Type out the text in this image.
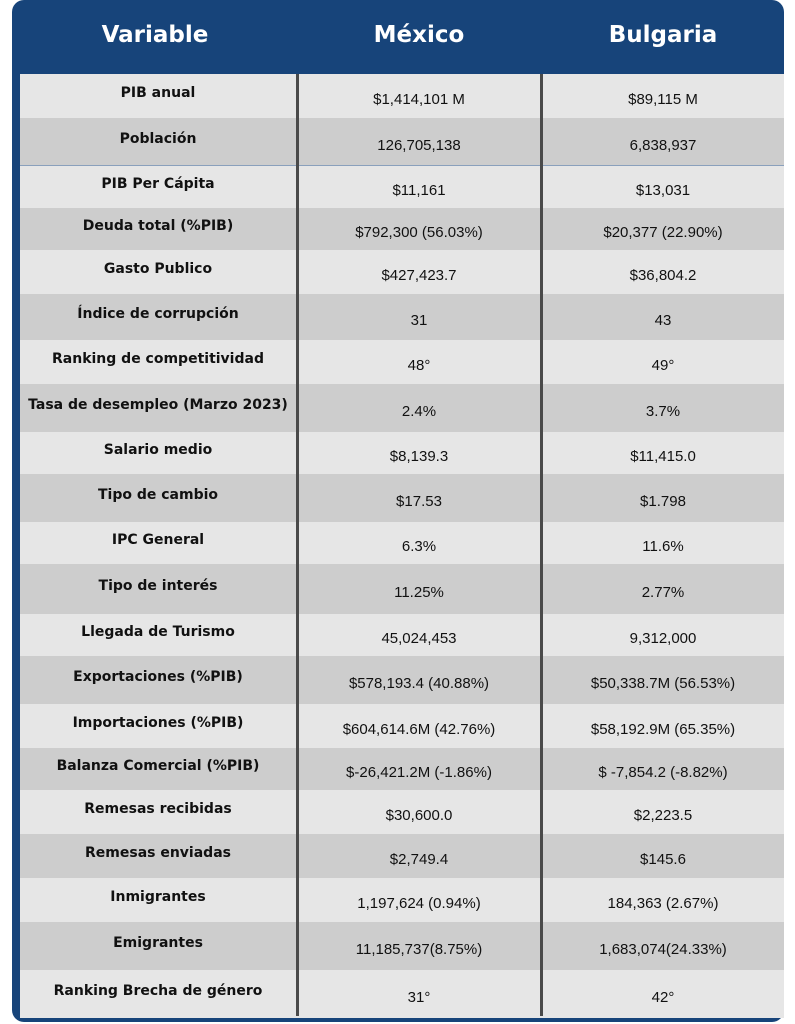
Variable	México	Bulgaria
PIB anual	$1,414,101 M	$89,115 M
Población	126,705,138	6,838,937
PIB Per Cápita	$11,161	$13,031
Deuda total (%PIB)	$792,300 (56.03%)	$20,377 (22.90%)
Gasto Publico	$427,423.7	$36,804.2
Índice de corrupción	31	43
Ranking de competitividad	48°	49°
Tasa de desempleo (Marzo 2023)	2.4%	3.7%
Salario medio	$8,139.3	$11,415.0
Tipo de cambio	$17.53	$1.798
IPC General	6.3%	11.6%
Tipo de interés	11.25%	2.77%
Llegada de Turismo	45,024,453	9,312,000
Exportaciones (%PIB)	$578,193.4 (40.88%)	$50,338.7M (56.53%)
Importaciones (%PIB)	$604,614.6M (42.76%)	$58,192.9M (65.35%)
Balanza Comercial (%PIB)	$-26,421.2M (-1.86%)	$ -7,854.2 (-8.82%)
Remesas recibidas	$30,600.0	$2,223.5
Remesas enviadas	$2,749.4	$145.6
Inmigrantes	1,197,624 (0.94%)	184,363 (2.67%)
Emigrantes	11,185,737(8.75%)	1,683,074(24.33%)
Ranking Brecha de género	31°	42°
